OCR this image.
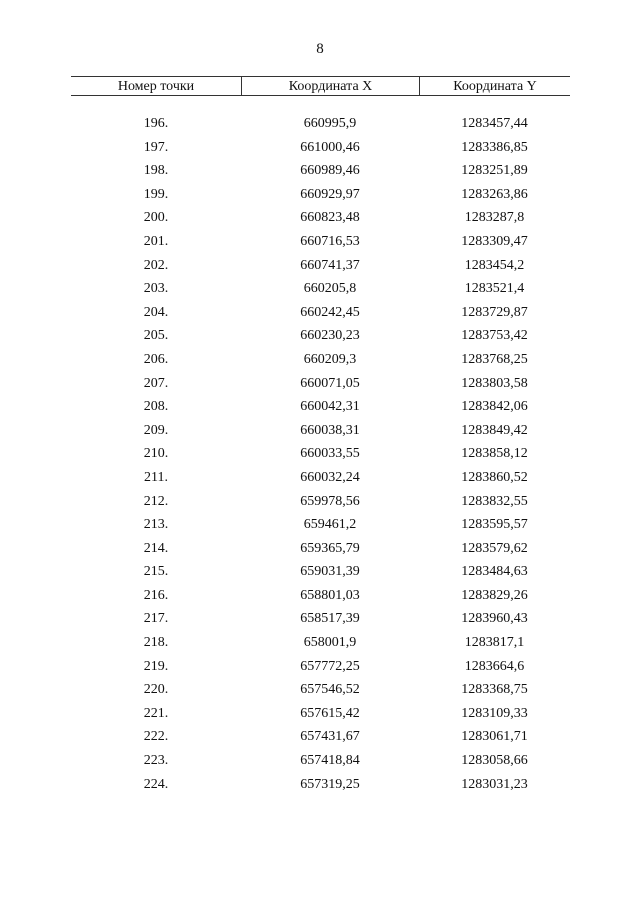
8
Номер точки	Координата X	Координата Y
196.	660995,9	1283457,44
197.	661000,46	1283386,85
198.	660989,46	1283251,89
199.	660929,97	1283263,86
200.	660823,48	1283287,8
201.	660716,53	1283309,47
202.	660741,37	1283454,2
203.	660205,8	1283521,4
204.	660242,45	1283729,87
205.	660230,23	1283753,42
206.	660209,3	1283768,25
207.	660071,05	1283803,58
208.	660042,31	1283842,06
209.	660038,31	1283849,42
210.	660033,55	1283858,12
211.	660032,24	1283860,52
212.	659978,56	1283832,55
213.	659461,2	1283595,57
214.	659365,79	1283579,62
215.	659031,39	1283484,63
216.	658801,03	1283829,26
217.	658517,39	1283960,43
218.	658001,9	1283817,1
219.	657772,25	1283664,6
220.	657546,52	1283368,75
221.	657615,42	1283109,33
222.	657431,67	1283061,71
223.	657418,84	1283058,66
224.	657319,25	1283031,23
